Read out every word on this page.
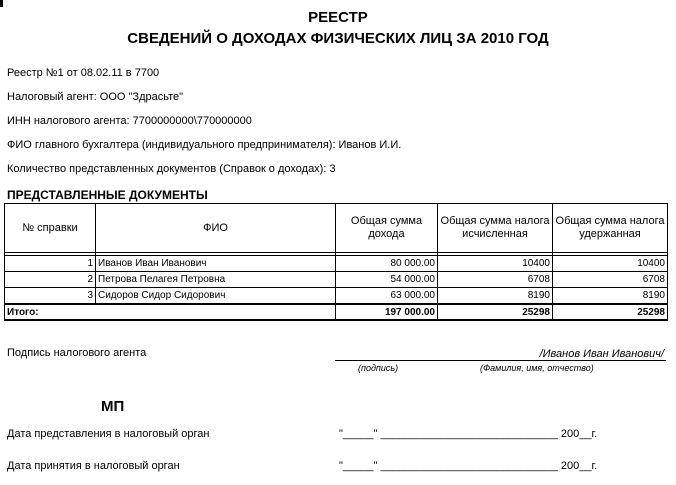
РЕЕСТР
СВЕДЕНИЙ О ДОХОДАХ ФИЗИЧЕСКИХ ЛИЦ ЗА 2010 ГОД
Реестр №1 от 08.02.11 в 7700
Налоговый агент: ООО "Здрасьте"
ИНН налогового агента: 7700000000\770000000
ФИО главного бухгалтера (индивидуального предпринимателя): Иванов И.И.
Количество представленных документов (Справок о доходах): 3
ПРЕДСТАВЛЕННЫЕ ДОКУМЕНТЫ
№ справки	ФИО	Общая сумма дохода	Общая сумма налога исчисленная	Общая сумма налога удержанная

1	Иванов Иван Иванович	80 000.00	10400	10400
2	Петрова Пелагея Петровна	54 000.00	6708	6708
3	Сидоров Сидор Сидорович	63 000.00	8190	8190
Итого:		197 000.00	25298	25298
Подпись налогового агента	/Иванов Иван Иванович/
(подпись)	(Фамилия, имя, отчество)
МП
Дата представления в налоговый орган	"_____" _____________________________ 200__г.
Дата принятия в налоговый орган	"_____" _____________________________ 200__г.
